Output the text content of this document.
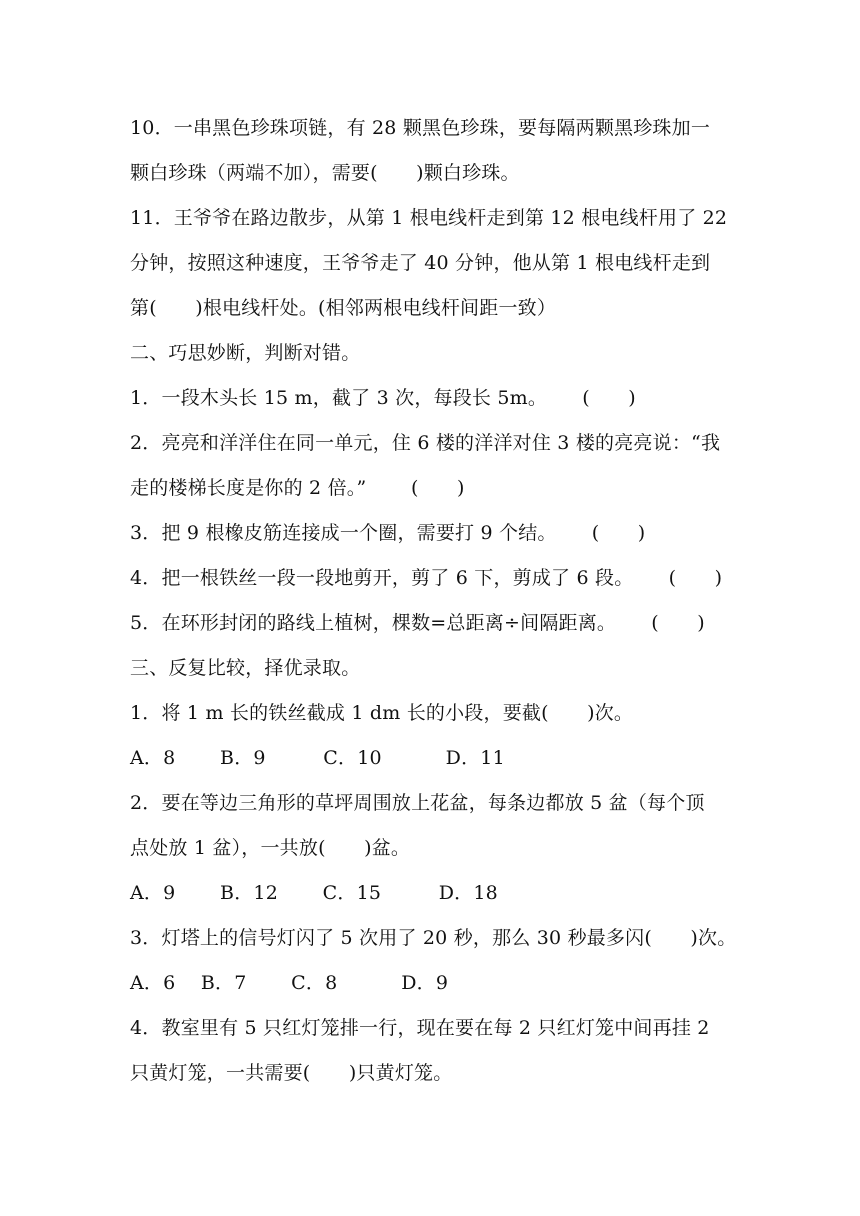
10．一串黑色珍珠项链，有 28 颗黑色珍珠，要每隔两颗黑珍珠加一
颗白珍珠（两端不加），需要(　　)颗白珍珠。
11．王爷爷在路边散步，从第 1 根电线杆走到第 12 根电线杆用了 22
分钟，按照这种速度，王爷爷走了 40 分钟，他从第 1 根电线杆走到
第(　　)根电线杆处。(相邻两根电线杆间距一致）
二、巧思妙断，判断对错。
1．一段木头长 15 m，截了 3 次，每段长 5m。　　 (　　)
2．亮亮和洋洋住在同一单元，住 6 楼的洋洋对住 3 楼的亮亮说：“我
走的楼梯长度是你的 2 倍。”　　 (　　)
3．把 9 根橡皮筋连接成一个圈，需要打 9 个结。　　 (　　)
4．把一根铁丝一段一段地剪开，剪了 6 下，剪成了 6 段。　　 (　　)
5．在环形封闭的路线上植树，棵数=总距离÷间隔距离。　　 (　　)
三、反复比较，择优录取。
1．将 1 m 长的铁丝截成 1 dm 长的小段，要截(　　)次。
A．8　　 B．9　　　C．10　　　 D．11
2．要在等边三角形的草坪周围放上花盆，每条边都放 5 盆（每个顶
点处放 1 盆），一共放(　　)盆。
A．9　　 B．12　　 C．15　　　D．18
3．灯塔上的信号灯闪了 5 次用了 20 秒，那么 30 秒最多闪(　　)次。
A．6　 B．7　　 C．8　　　 D．9
4．教室里有 5 只红灯笼排一行，现在要在每 2 只红灯笼中间再挂 2
只黄灯笼，一共需要(　　)只黄灯笼。
